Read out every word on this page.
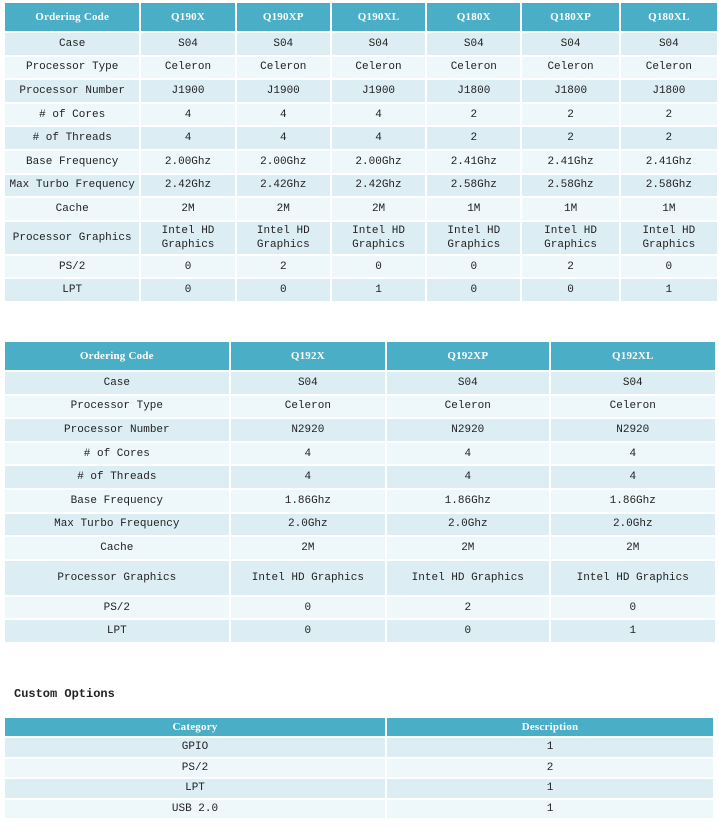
Ordering Code	Q190X	Q190XP	Q190XL	Q180X	Q180XP	Q180XL
Case	S04	S04	S04	S04	S04	S04
Processor Type	Celeron	Celeron	Celeron	Celeron	Celeron	Celeron
Processor Number	J1900	J1900	J1900	J1800	J1800	J1800
# of Cores	4	4	4	2	2	2
# of Threads	4	4	4	2	2	2
Base Frequency	2.00Ghz	2.00Ghz	2.00Ghz	2.41Ghz	2.41Ghz	2.41Ghz
Max Turbo Frequency	2.42Ghz	2.42Ghz	2.42Ghz	2.58Ghz	2.58Ghz	2.58Ghz
Cache	2M	2M	2M	1M	1M	1M
Processor Graphics	Intel HD Graphics	Intel HD Graphics	Intel HD Graphics	Intel HD Graphics	Intel HD Graphics	Intel HD Graphics
PS/2	0	2	0	0	2	0
LPT	0	0	1	0	0	1
Ordering Code	Q192X	Q192XP	Q192XL
Case	S04	S04	S04
Processor Type	Celeron	Celeron	Celeron
Processor Number	N2920	N2920	N2920
# of Cores	4	4	4
# of Threads	4	4	4
Base Frequency	1.86Ghz	1.86Ghz	1.86Ghz
Max Turbo Frequency	2.0Ghz	2.0Ghz	2.0Ghz
Cache	2M	2M	2M
Processor Graphics	Intel HD Graphics	Intel HD Graphics	Intel HD Graphics
PS/2	0	2	0
LPT	0	0	1
Custom Options
Category	Description
GPIO	1
PS/2	2
LPT	1
USB 2.0	1
